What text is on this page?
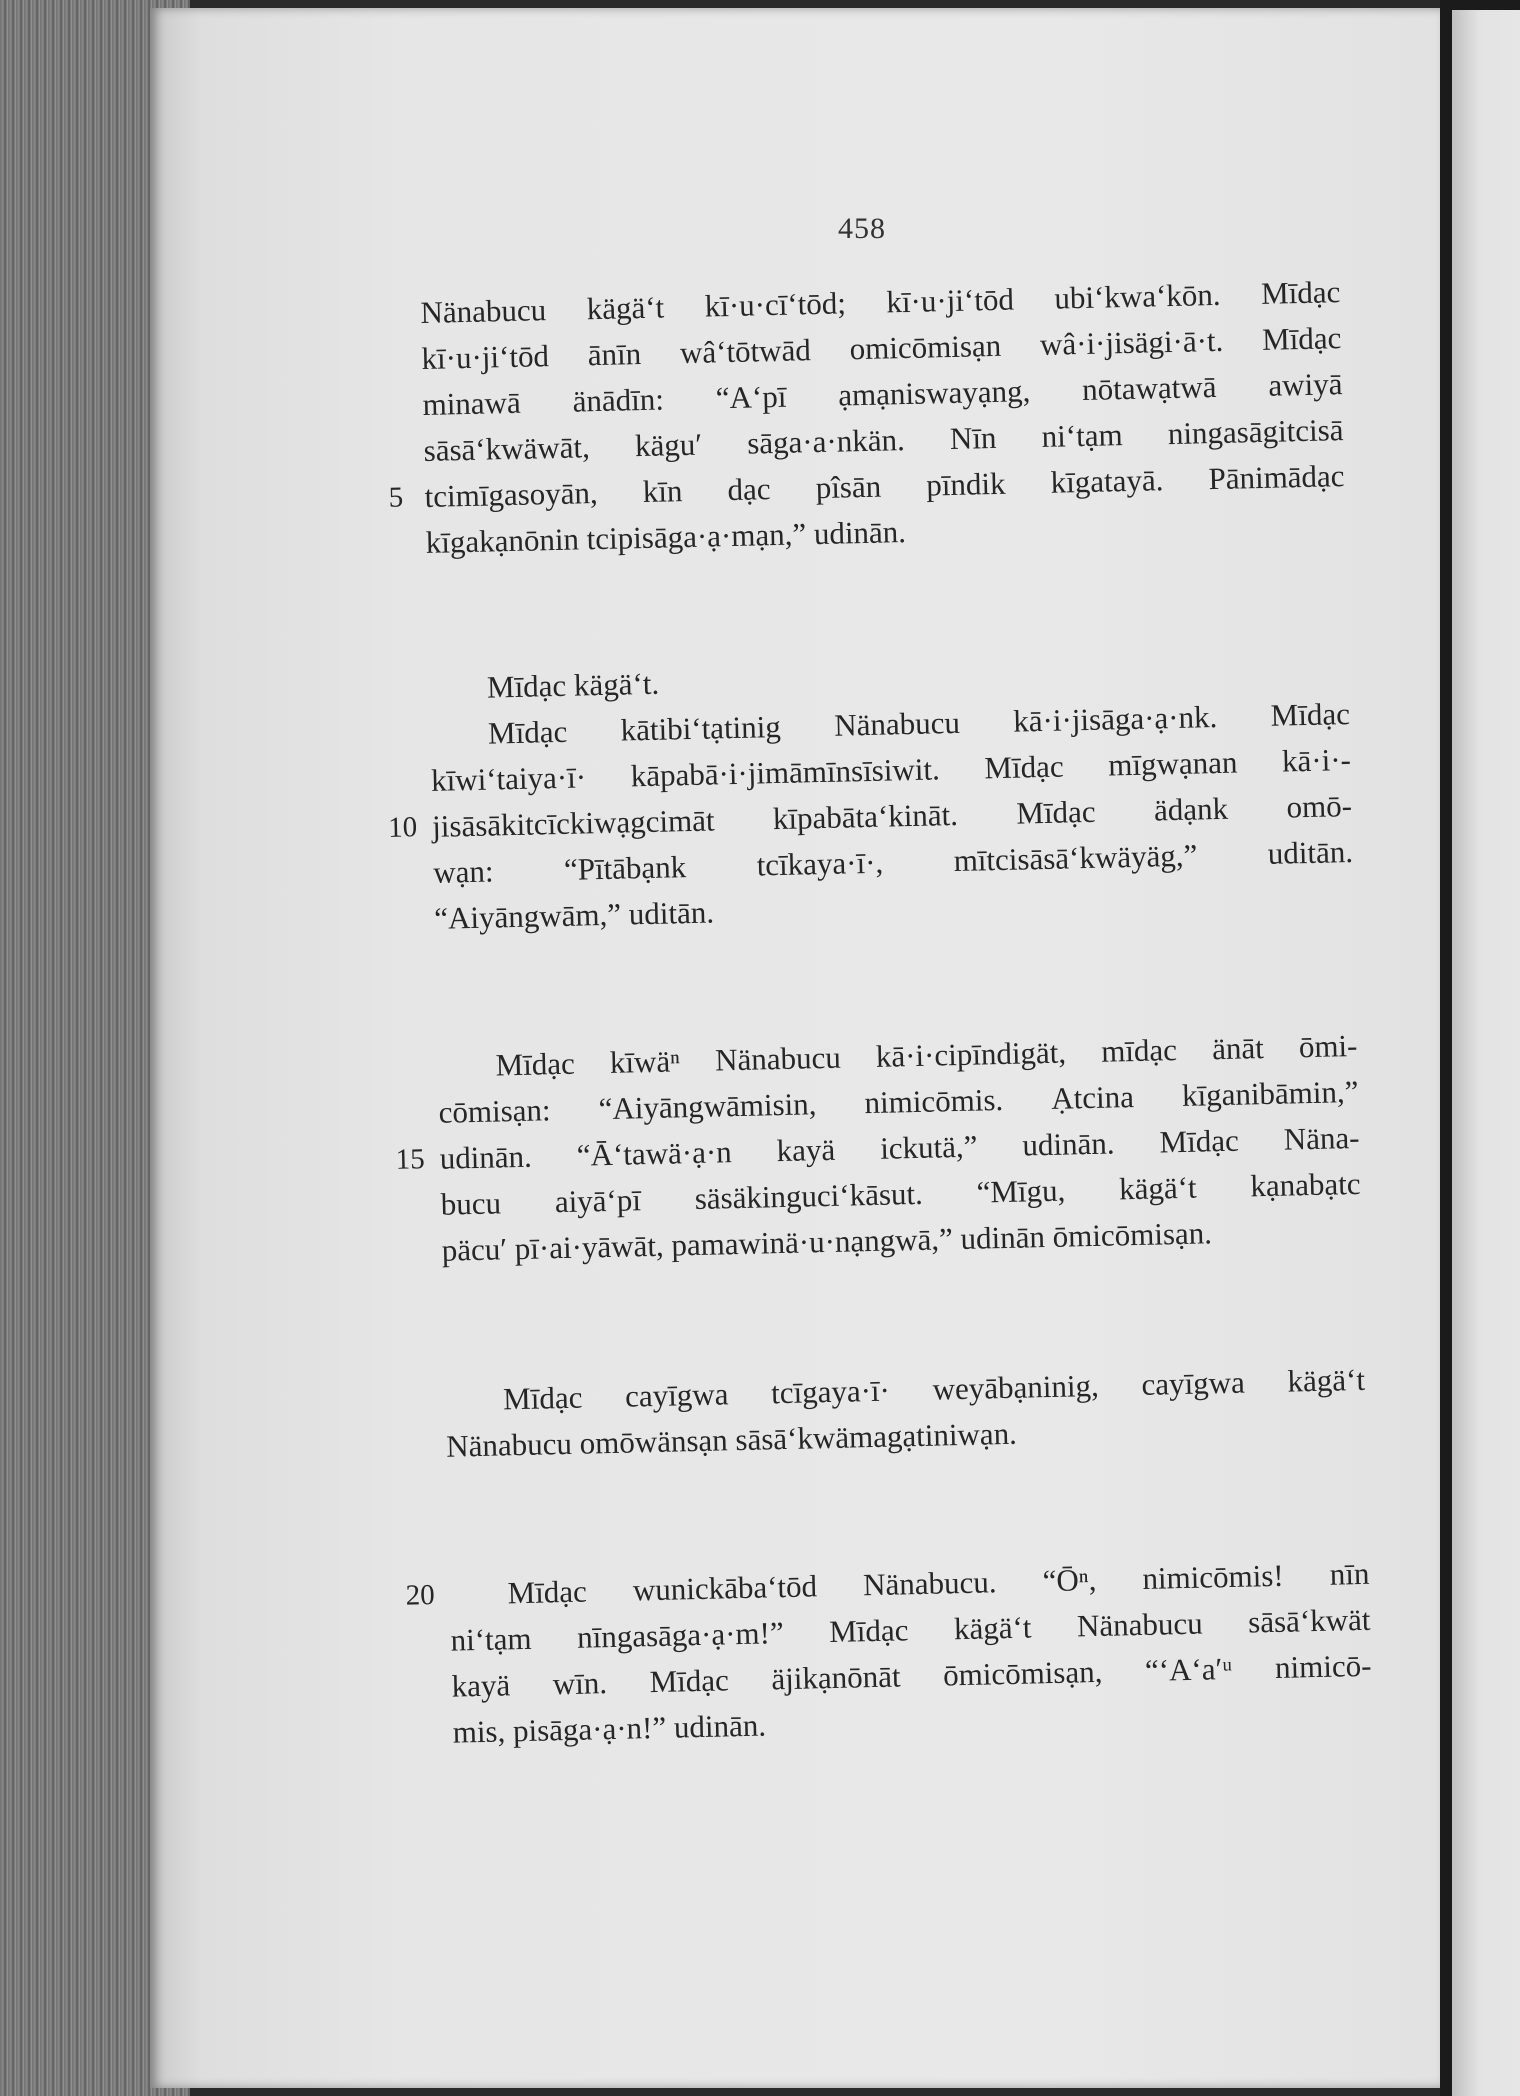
458
Nänabucu kägä‘t kī·u·cī‘tōd; kī·u·ji‘tōd ubi‘kwa‘kōn. Mīdạc
kī·u·ji‘tōd ānīn wâ‘tōtwād omicōmisạn wâ·i·jisägi·ā·t. Mīdạc
minawā änādīn: “A‘pī ạmạniswayạng, nōtawạtwā awiyā
sāsā‘kwäwāt, kägu′ sāga·a·nkän. Nīn ni‘tạm ningasāgitcisā
5 tcimīgasoyān, kīn dạc pîsān pīndik kīgatayā. Pānimādạc
kīgakạnōnin tcipisāga·ạ·mạn,” udinān.
Mīdạc kägä‘t.
Mīdạc kātibi‘tạtinig Nänabucu kā·i·jisāga·ạ·nk. Mīdạc
kīwi‘taiya·ī· kāpabā·i·jimāmīnsīsiwit. Mīdạc mīgwạnan kā·i·-
10 jisāsākitcīckiwạgcimāt kīpabāta‘kināt. Mīdạc ädạnk omō-
wạn: “Pītābạnk tcīkaya·ī·, mītcisāsā‘kwäyäg,” uditān.
“Aiyāngwām,” uditān.
Mīdạc kīwäⁿ Nänabucu kā·i·cipīndigät, mīdạc änāt ōmi-
cōmisạn: “Aiyāngwāmisin, nimicōmis. Ạtcina kīganibāmin,”
15 udinān. “Ā‘tawä·ạ·n kayä ickutä,” udinān. Mīdạc Näna-
bucu aiyā‘pī säsäkinguci‘kāsut. “Mīgu, kägä‘t kạnabạtc
päcu′ pī·ai·yāwāt, pamawinä·u·nạngwā,” udinān ōmicōmisạn.
Mīdạc cayīgwa tcīgaya·ī· weyābạninig, cayīgwa kägä‘t
Nänabucu omōwänsạn sāsā‘kwämagạtiniwạn.
20 Mīdạc wunickāba‘tōd Nänabucu. “Ōⁿ, nimicōmis! nīn
ni‘tạm nīngasāga·ạ·m!” Mīdạc kägä‘t Nänabucu sāsā‘kwät
kayä wīn. Mīdạc äjikạnōnāt ōmicōmisạn, “‘A‘a′ᵘ nimicō-
mis, pisāga·ạ·n!” udinān.
